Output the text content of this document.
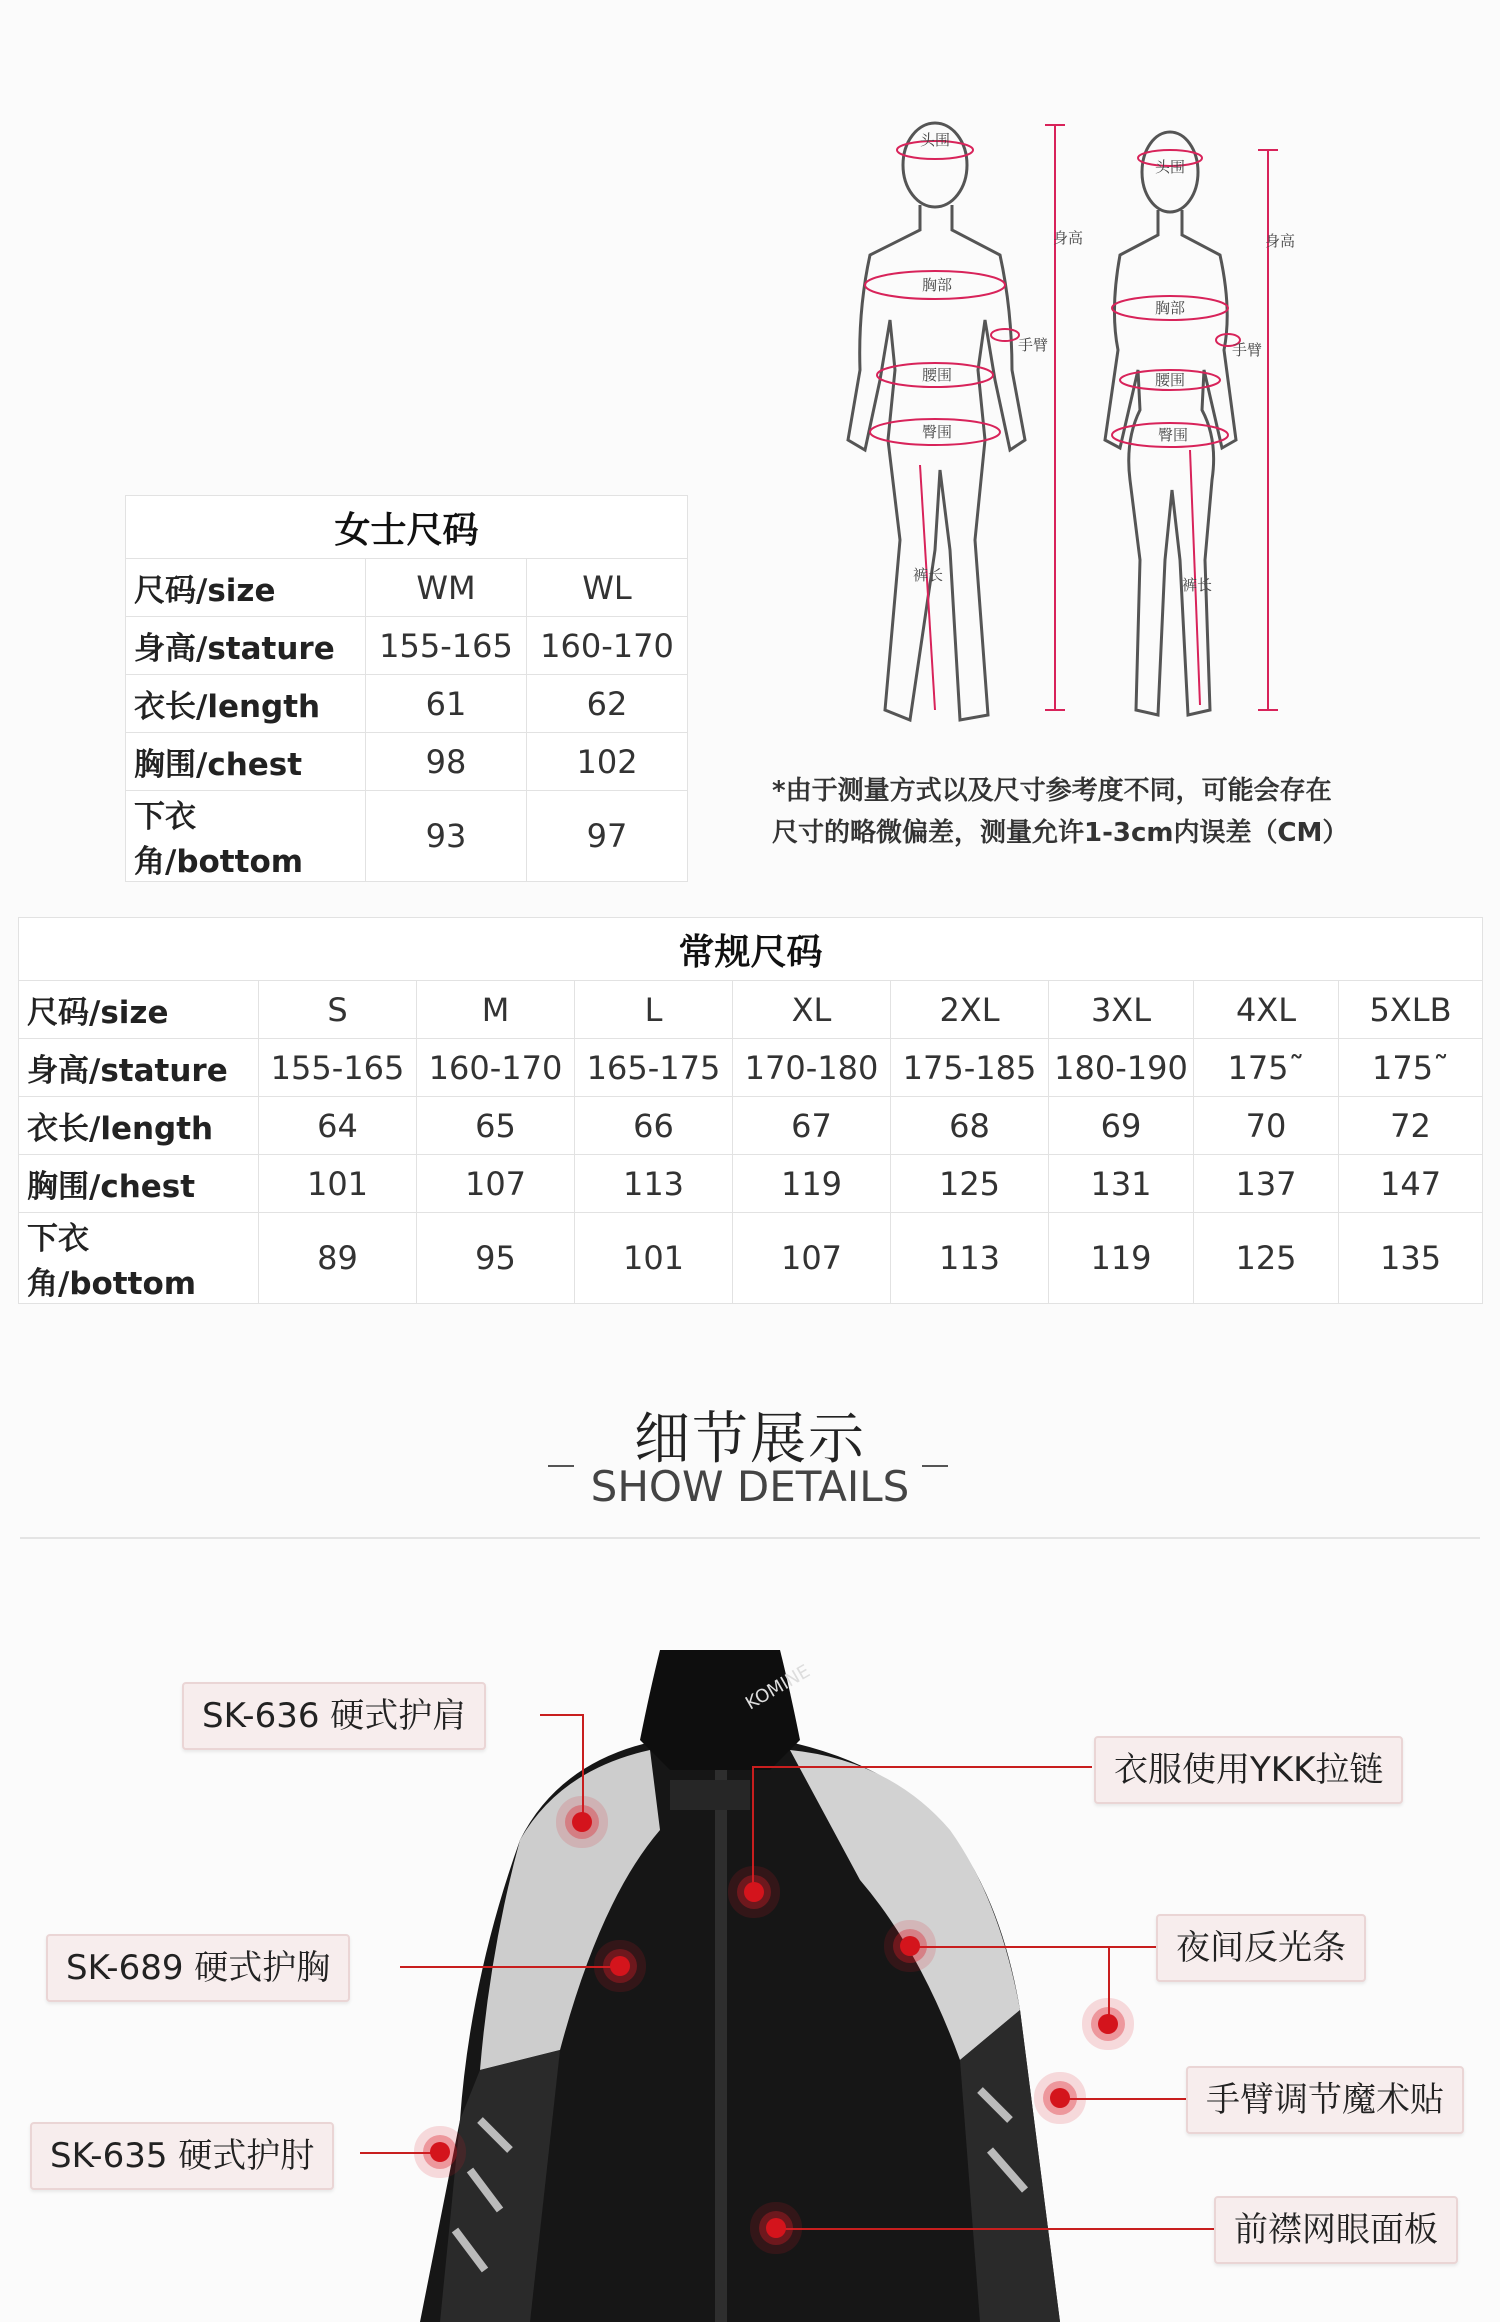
女士尺码		
尺码/size	WM	WL
身高/stature	155-165	160-170
衣长/length	61	62
胸围/chest	98	102
下衣角/bottom	93	97
头围
身高
胸部
手臂
腰围
臀围
裤长
头围
身高
胸部
手臂
腰围
臀围
裤长
*由于测量方式以及尺寸参考度不同，可能会存在
尺寸的略微偏差，测量允许1-3cm内误差（CM）
常规尺码								
尺码/size	S	M	L	XL	2XL	3XL	4XL	5XLB
身高/stature	155-165	160-170	165-175	170-180	175-185	180-190	175˜	175˜
衣长/length	64	65	66	67	68	69	70	72
胸围/chest	101	107	113	119	125	131	137	147
下衣角/bottom	89	95	101	107	113	119	125	135
细节展示
SHOW DETAILS
KOMINE
SK-636 硬式护肩
衣服使用YKK拉链
SK-689 硬式护胸	夜间反光条
手臂调节魔术贴
SK-635 硬式护肘
前襟网眼面板
